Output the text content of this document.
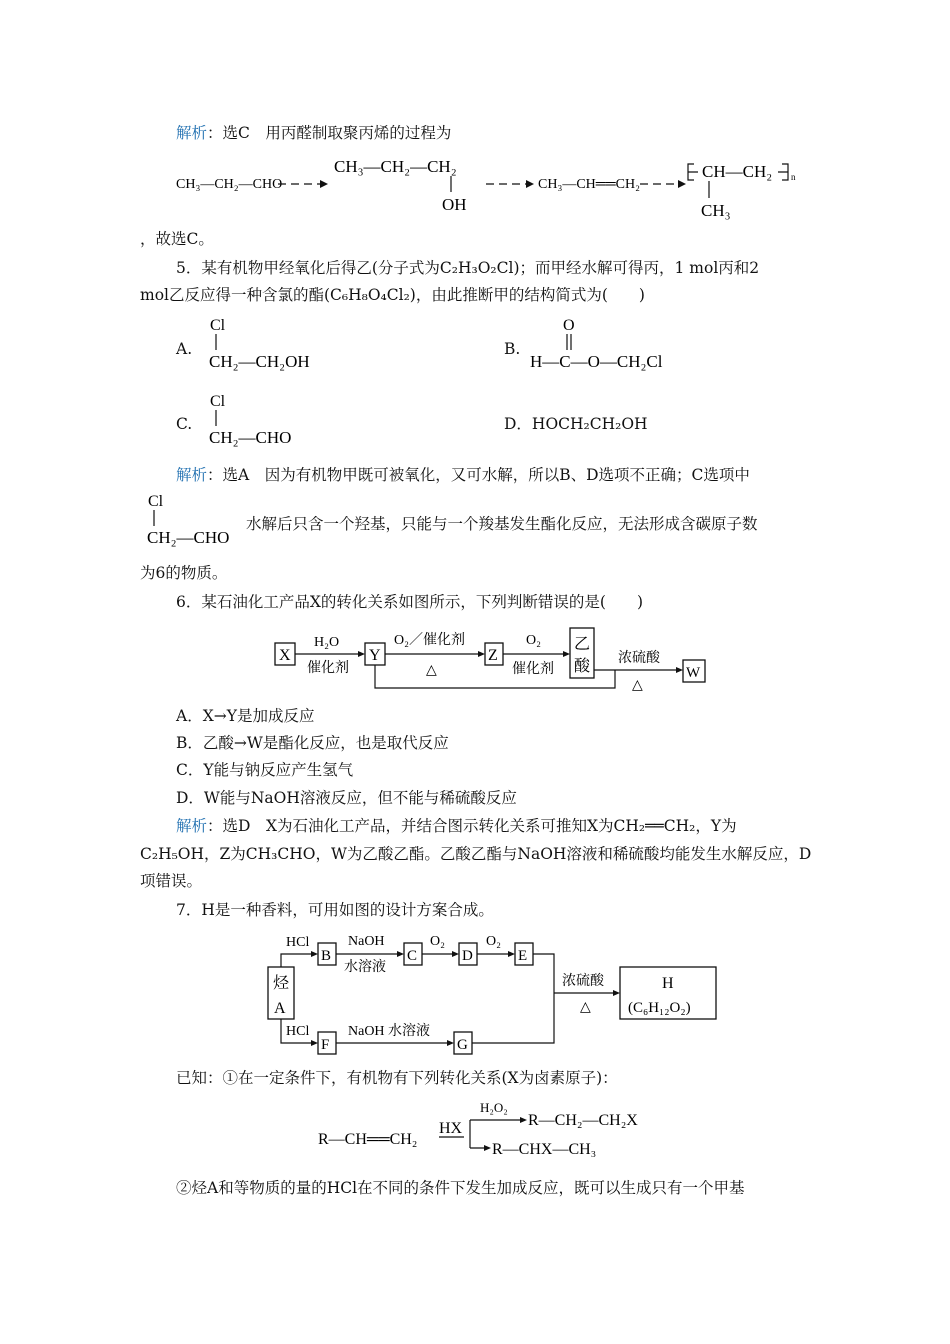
解析：选C　用丙醛制取聚丙烯的过程为
CH₃—CH₂—CHO
CH₃—CH₂—CH₂
OH
CH₃—CH══CH₂
CH—CH₂ n
CH₃
，故选C。
5．某有机物甲经氧化后得乙(分子式为C₂H₃O₂Cl)；而甲经水解可得丙，1 mol丙和2
mol乙反应得一种含氯的酯(C₆H₈O₄Cl₂)，由此推断甲的结构简式为(　　)
A.
Cl
CH₂—CH₂OH
B.
O
H—C—O—CH₂Cl
C.
Cl
CH₂—CHO
D．HOCH₂CH₂OH
解析：选A　因为有机物甲既可被氧化，又可水解，所以B、D选项不正确；C选项中
Cl
CH₂—CHO
水解后只含一个羟基，只能与一个羧基发生酯化反应，无法形成含碳原子数
为6的物质。
6．某石油化工产品X的转化关系如图所示，下列判断错误的是(　　)
X
H₂O
催化剂
Y
O₂／催化剂
△
Z
O₂
催化剂
乙
酸 浓硫酸
△
W
A．X→Y是加成反应
B．乙酸→W是酯化反应，也是取代反应
C．Y能与钠反应产生氢气
D．W能与NaOH溶液反应，但不能与稀硫酸反应
解析：选D　X为石油化工产品，并结合图示转化关系可推知X为CH₂══CH₂，Y为
C₂H₅OH，Z为CH₃CHO，W为乙酸乙酯。乙酸乙酯与NaOH溶液和稀硫酸均能发生水解反应，D
项错误。
7．H是一种香料，可用如图的设计方案合成。
烃
A
HCl
HCl
B
NaOH
水溶液
C
O₂
D
O₂
E
F
NaOH 水溶液
G
浓硫酸
△
H
(C₆H₁₂O₂)
已知：①在一定条件下，有机物有下列转化关系(X为卤素原子)：
R—CH══CH₂
HX
H₂O₂
R—CH₂—CH₂X
R—CHX—CH₃
②烃A和等物质的量的HCl在不同的条件下发生加成反应，既可以生成只有一个甲基
